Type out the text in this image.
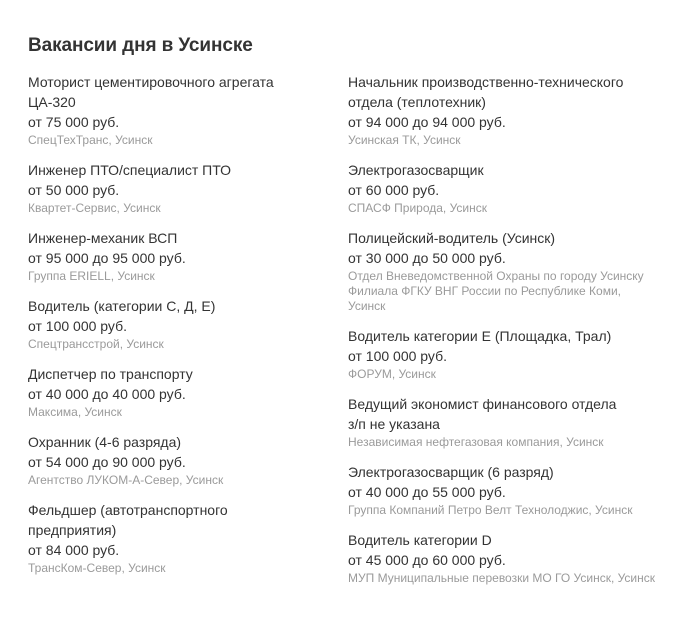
Вакансии дня в Усинске
Моторист цементировочного агрегата ЦА-320
от 75 000 руб.
СпецТехТранс, Усинск
Инженер ПТО/специалист ПТО
от 50 000 руб.
Квартет-Сервис, Усинск
Инженер-механик ВСП
от 95 000 до 95 000 руб.
Группа ERIELL, Усинск
Водитель (категории С, Д, Е)
от 100 000 руб.
Спецтрансстрой, Усинск
Диспетчер по транспорту
от 40 000 до 40 000 руб.
Максима, Усинск
Охранник (4-6 разряда)
от 54 000 до 90 000 руб.
Агентство ЛУКОМ-А-Север, Усинск
Фельдшер (автотранспортного предприятия)
от 84 000 руб.
ТрансКом-Север, Усинск
Начальник производственно-технического отдела (теплотехник)
от 94 000 до 94 000 руб.
Усинская ТК, Усинск
Электрогазосварщик
от 60 000 руб.
СПАСФ Природа, Усинск
Полицейский-водитель (Усинск)
от 30 000 до 50 000 руб.
Отдел Вневедомственной Охраны по городу Усинску Филиала ФГКУ ВНГ России по Республике Коми, Усинск
Водитель категории Е (Площадка, Трал)
от 100 000 руб.
ФОРУМ, Усинск
Ведущий экономист финансового отдела
з/п не указана
Независимая нефтегазовая компания, Усинск
Электрогазосварщик (6 разряд)
от 40 000 до 55 000 руб.
Группа Компаний Петро Велт Технолоджис, Усинск
Водитель категории D
от 45 000 до 60 000 руб.
МУП Муниципальные перевозки МО ГО Усинск, Усинск
